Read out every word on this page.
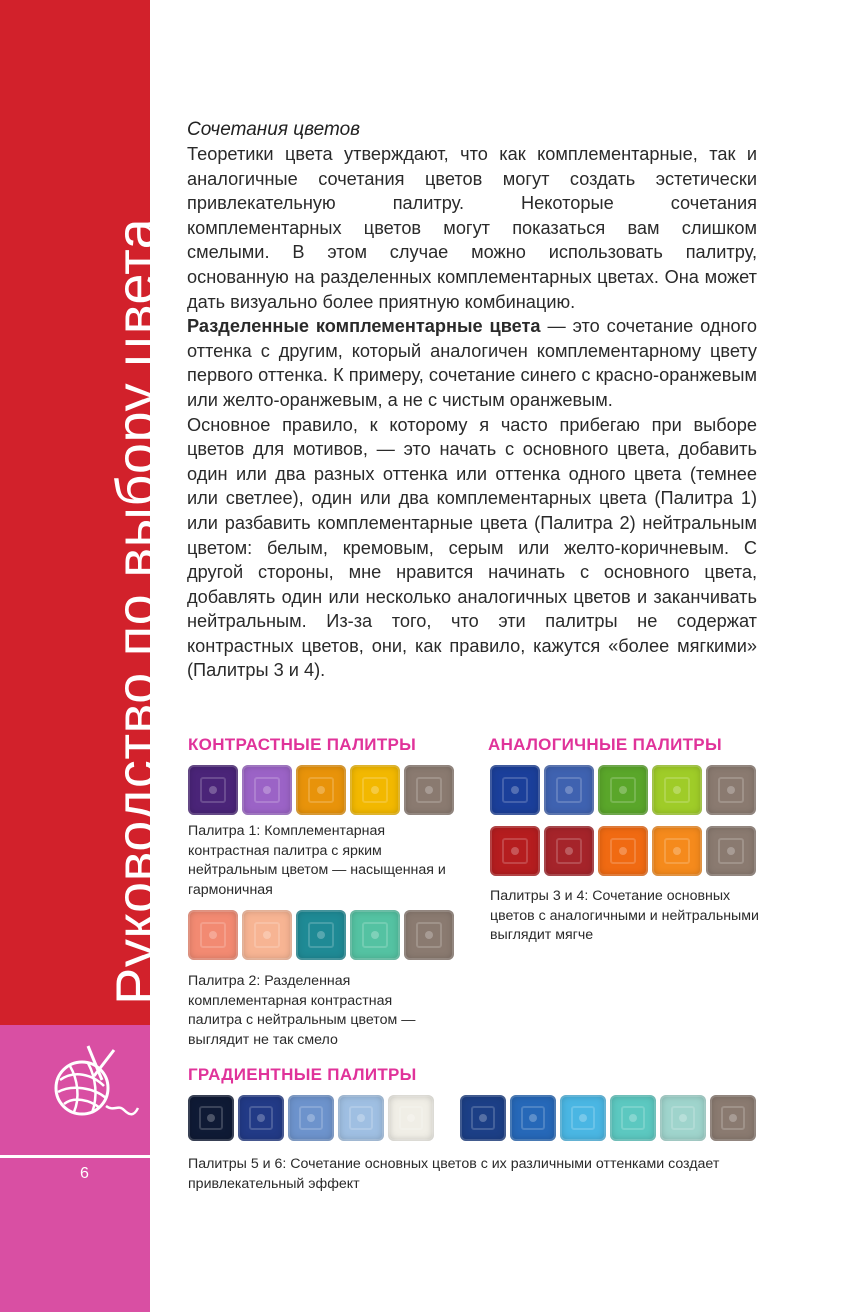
Руководство по выбору цвета
6

Сочетания цветов

Теоретики цвета утверждают, что как комплементарные, так и аналогичные сочетания цветов могут создать эстетически привлекательную палитру. Некоторые сочетания комплементарных цветов могут показаться вам слишком смелыми. В этом случае можно использовать палитру, основанную на разделенных комплементарных цветах. Она может дать визуально более приятную комбинацию.

Разделенные комплементарные цвета — это сочетание одного оттенка с другим, который аналогичен комплементарному цвету первого оттенка. К примеру, сочетание синего с красно-оранжевым или желто-оранжевым, а не с чистым оранжевым.

Основное правило, к которому я часто прибегаю при выборе цветов для мотивов, — это начать с основного цвета, добавить один или два разных оттенка или оттенка одного цвета (темнее или светлее), один или два комплементарных цвета (Палитра 1) или разбавить комплементарные цвета (Палитра 2) нейтральным цветом: белым, кремовым, серым или желто-коричневым. С другой стороны, мне нравится начинать с основного цвета, добавлять один или несколько аналогичных цветов и заканчивать нейтральным. Из-за того, что эти палитры не содержат контрастных цветов, они, как правило, кажутся «более мягкими» (Палитры 3 и 4).

КОНТРАСТНЫЕ ПАЛИТРЫ

Палитра 1: Комплементарная контрастная палитра с ярким нейтральным цветом — насыщенная и гармоничная

Палитра 2: Разделенная комплементарная контрастная палитра с нейтральным цветом — выглядит не так смело

АНАЛОГИЧНЫЕ ПАЛИТРЫ

Палитры 3 и 4: Сочетание основных цветов с аналогичными и нейтральными выглядит мягче

ГРАДИЕНТНЫЕ ПАЛИТРЫ

Палитры 5 и 6: Сочетание основных цветов с их различными оттенками создает привлекательный эффект
